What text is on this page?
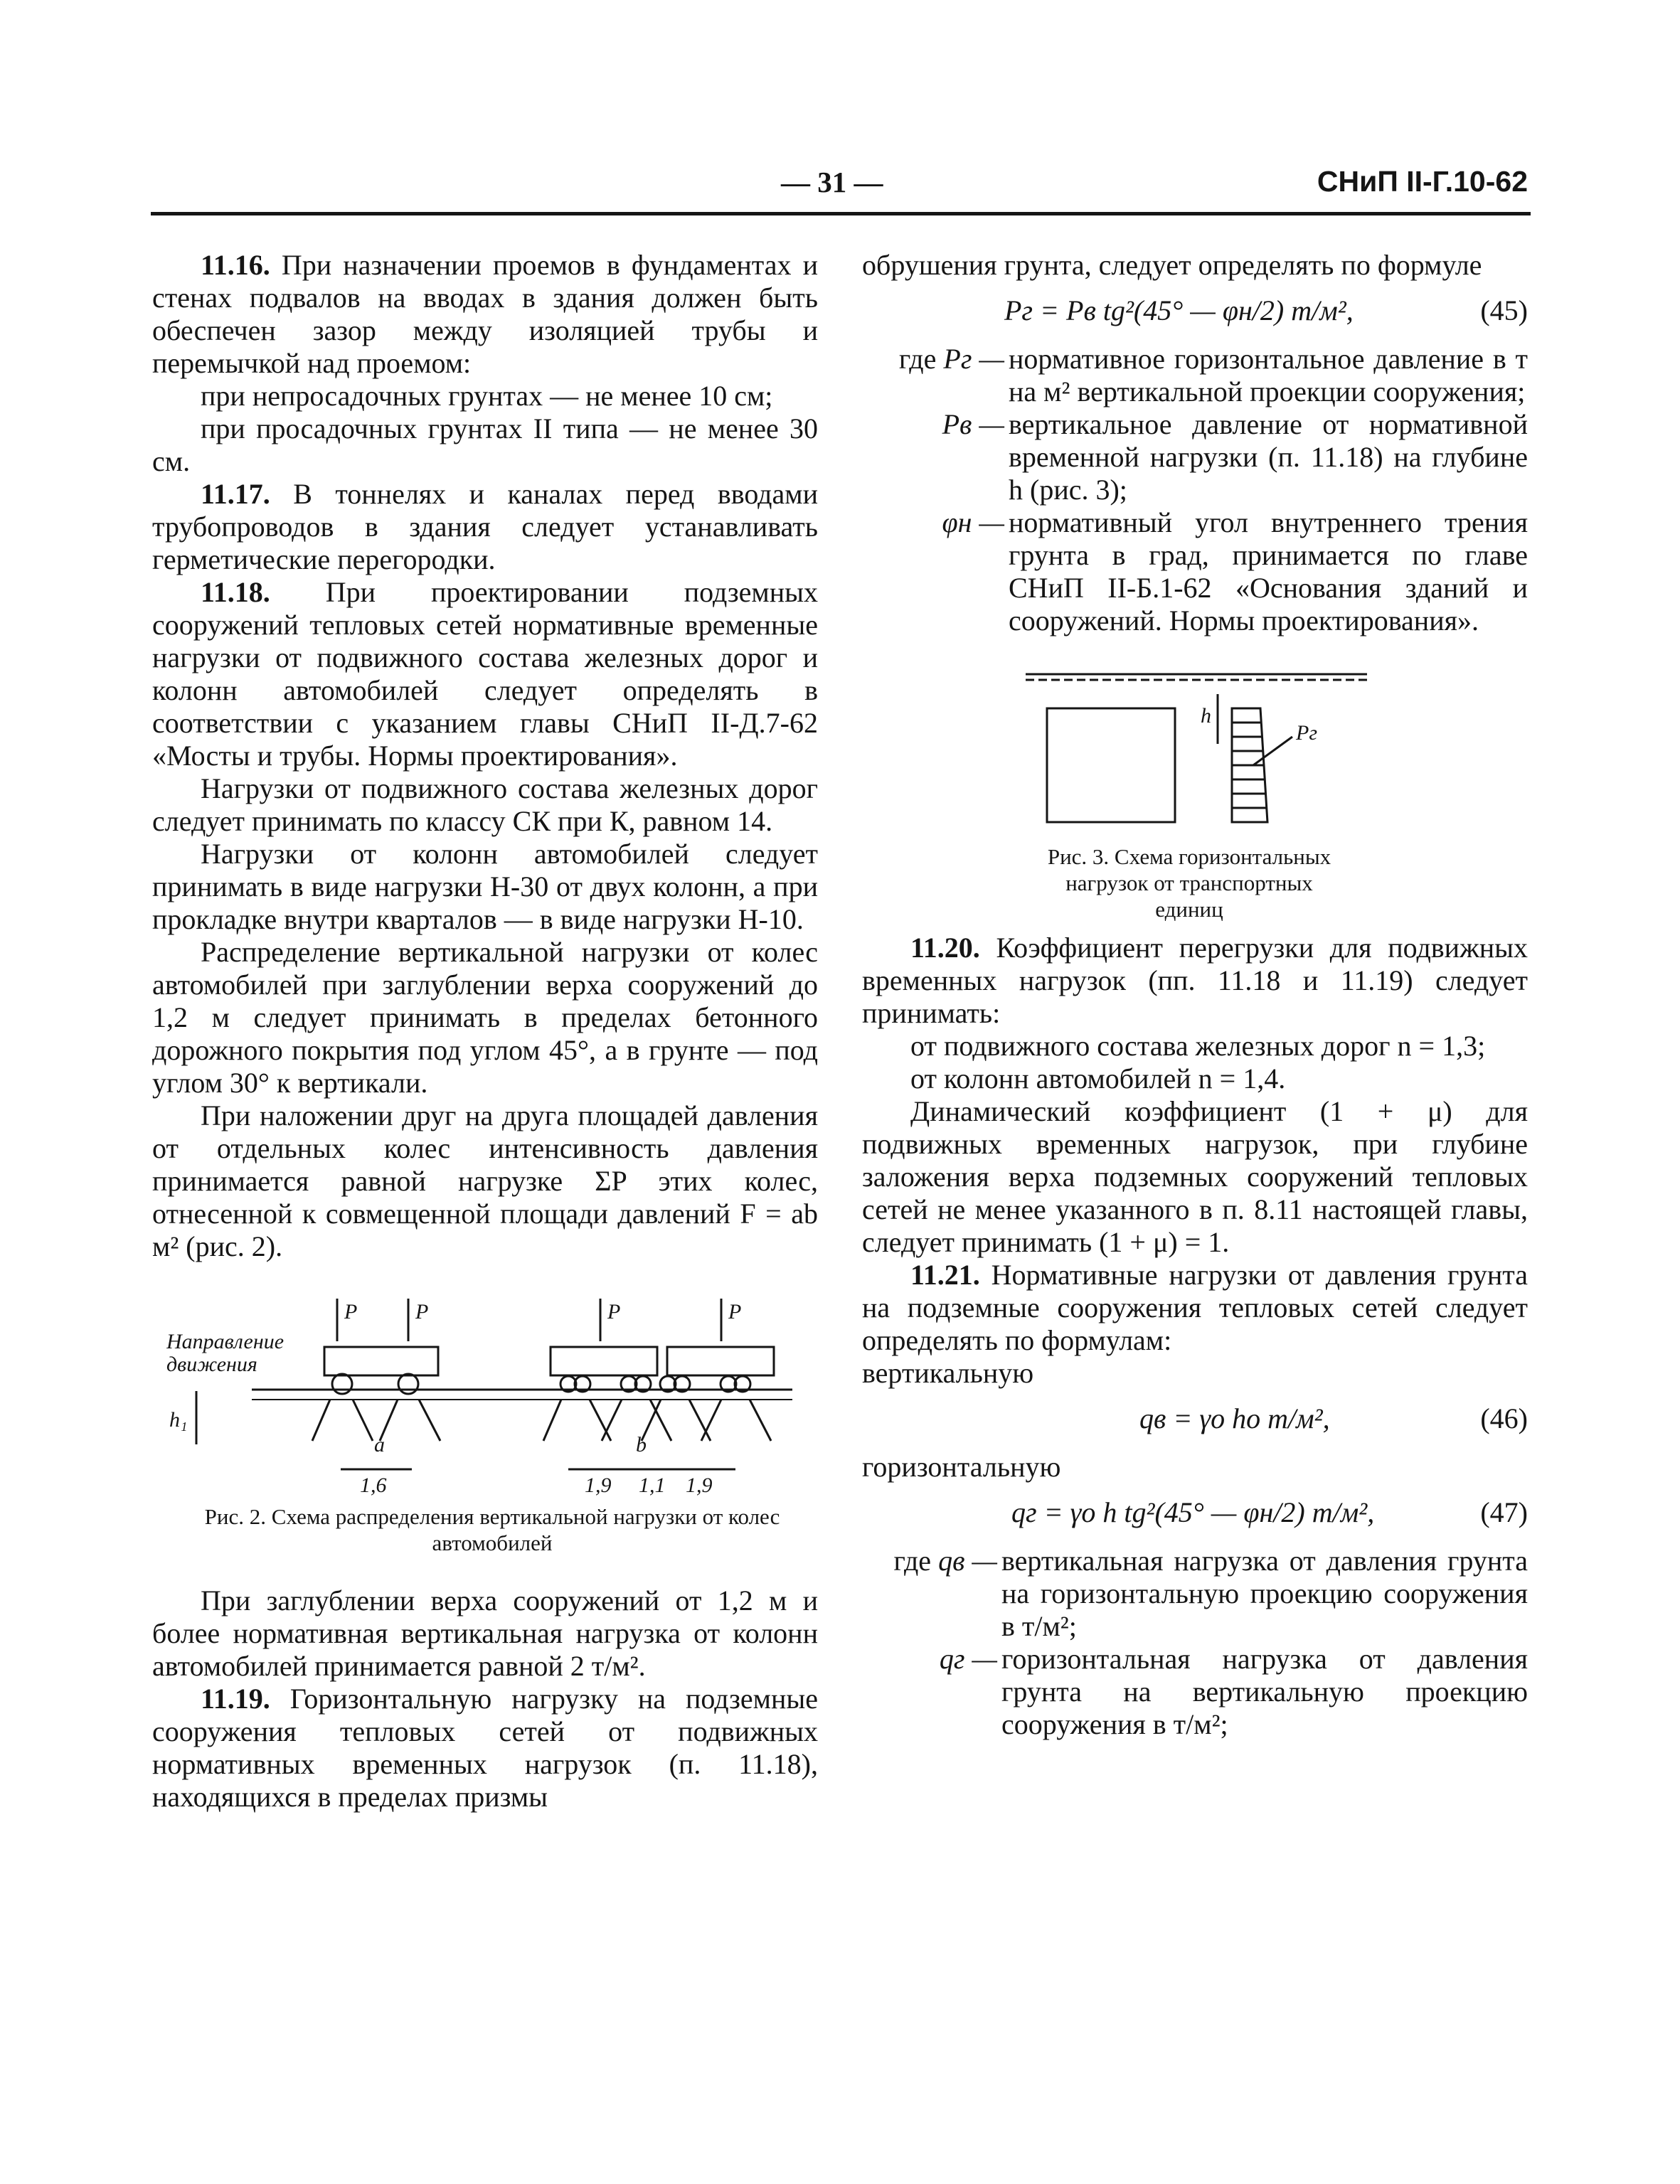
— 31 —	СНиП II-Г.10-62

11.16. При назначении проемов в фундаментах и стенах подвалов на вводах в здания должен быть обеспечен зазор между изоляцией трубы и перемычкой над проемом:

при непросадочных грунтах — не менее 10 см;

при просадочных грунтах II типа — не менее 30 см.

11.17. В тоннелях и каналах перед вводами трубопроводов в здания следует устанавливать герметические перегородки.

11.18. При проектировании подземных сооружений тепловых сетей нормативные временные нагрузки от подвижного состава железных дорог и колонн автомобилей следует определять в соответствии с указанием главы СНиП II-Д.7-62 «Мосты и трубы. Нормы проектирования».

Нагрузки от подвижного состава железных дорог следует принимать по классу СК при К, равном 14.

Нагрузки от колонн автомобилей следует принимать в виде нагрузки Н-30 от двух колонн, а при прокладке внутри кварталов — в виде нагрузки Н-10.

Распределение вертикальной нагрузки от колес автомобилей при заглублении верха сооружений до 1,2 м следует принимать в пределах бетонного дорожного покрытия под углом 45°, а в грунте — под углом 30° к вертикали.

При наложении друг на друга площадей давления от отдельных колес интенсивность давления принимается равной нагрузке ΣP этих колес, отнесенной к совмещенной площади давлений F = ab м² (рис. 2).

P	P	P	P
Направление
движения
h₁
a	b
1,6	1,9 1,1 1,9
Рис. 2. Схема распределения вертикальной нагрузки от колес автомобилей

При заглублении верха сооружений от 1,2 м и более нормативная вертикальная нагрузка от колонн автомобилей принимается равной 2 т/м².

11.19. Горизонтальную нагрузку на подземные сооружения тепловых сетей от подвижных нормативных временных нагрузок (п. 11.18), находящихся в пределах призмы

обрушения грунта, следует определять по формуле

Pг = Pв tg²(45° — φн/2) т/м²,	(45)
где Pг — нормативное горизонтальное давление в т на м² вертикальной проекции сооружения;
Pв — вертикальное давление от нормативной временной нагрузки (п. 11.18) на глубине h (рис. 3);
φн — нормативный угол внутреннего трения грунта в град, принимается по главе СНиП II-Б.1-62 «Основания зданий и сооружений. Нормы проектирования».
h
Pг
Рис. 3. Схема горизонтальных нагрузок от транспортных единиц

11.20. Коэффициент перегрузки для подвижных временных нагрузок (пп. 11.18 и 11.19) следует принимать:

от подвижного состава железных дорог n = 1,3;

от колонн автомобилей n = 1,4.

Динамический коэффициент (1 + μ) для подвижных временных нагрузок, при глубине заложения верха подземных сооружений тепловых сетей не менее указанного в п. 8.11 настоящей главы, следует принимать (1 + μ) = 1.

11.21. Нормативные нагрузки от давления грунта на подземные сооружения тепловых сетей следует определять по формулам:

вертикальную

qв = γо hо т/м²,	(46)

горизонтальную

qг = γо h tg²(45° — φн/2) т/м²,	(47)
где qв — вертикальная нагрузка от давления грунта на горизонтальную проекцию сооружения в т/м²;
qг — горизонтальная нагрузка от давления грунта на вертикальную проекцию сооружения в т/м²;
